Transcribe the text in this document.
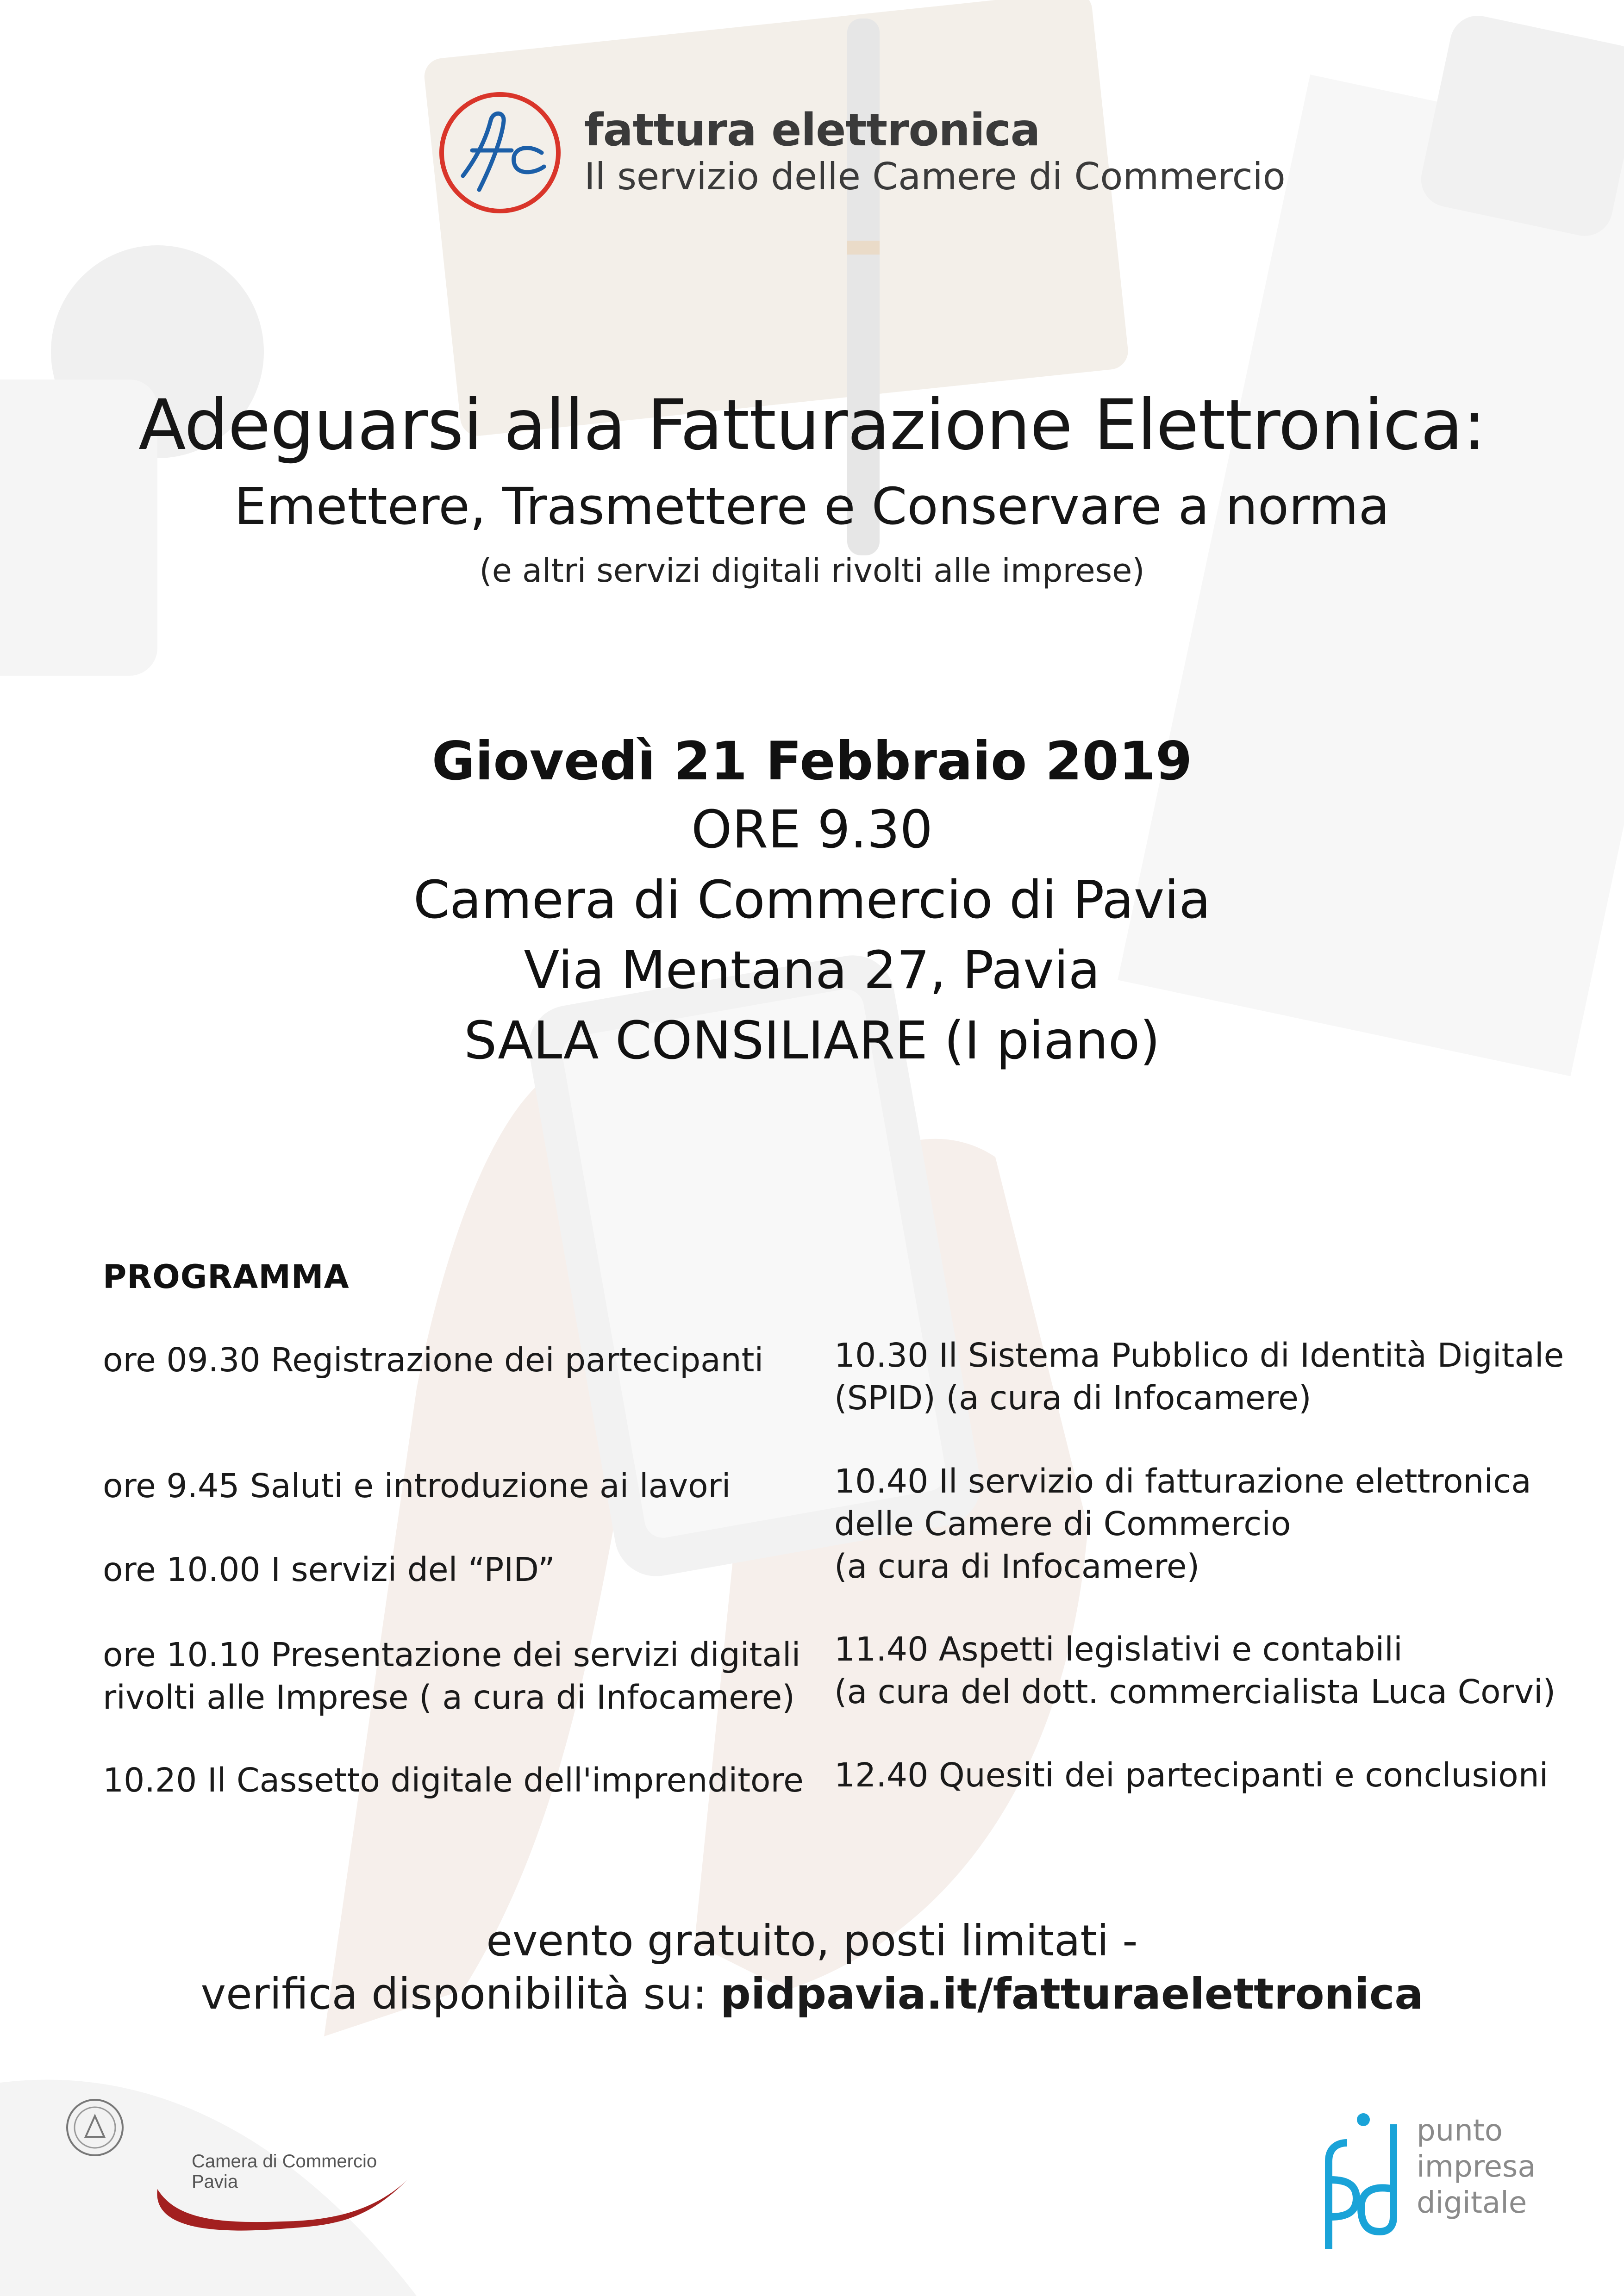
fattura elettronica
Il servizio delle Camere di Commercio
Adeguarsi alla Fatturazione Elettronica:
Emettere, Trasmettere e Conservare a norma
(e altri servizi digitali rivolti alle imprese)
Giovedì 21 Febbraio 2019
ORE 9.30
Camera di Commercio di Pavia
Via Mentana 27, Pavia
SALA CONSILIARE (I piano)
PROGRAMMA
ore 09.30 Registrazione dei partecipanti
ore 9.45 Saluti e introduzione ai lavori
ore 10.00 I servizi del “PID”
ore 10.10 Presentazione dei servizi digitali
rivolti alle Imprese ( a cura di Infocamere)
10.20 Il Cassetto digitale dell'imprenditore
10.30 Il Sistema Pubblico di Identità Digitale
(SPID) (a cura di Infocamere)
10.40 Il servizio di fatturazione elettronica
delle Camere di Commercio
(a cura di Infocamere)
11.40 Aspetti legislativi e contabili
(a cura del dott. commercialista Luca Corvi)
12.40 Quesiti dei partecipanti e conclusioni
evento gratuito, posti limitati -
verifica disponibilità su: pidpavia.it/fatturaelettronica
Camera di Commercio
Pavia
punto
impresa
digitale
